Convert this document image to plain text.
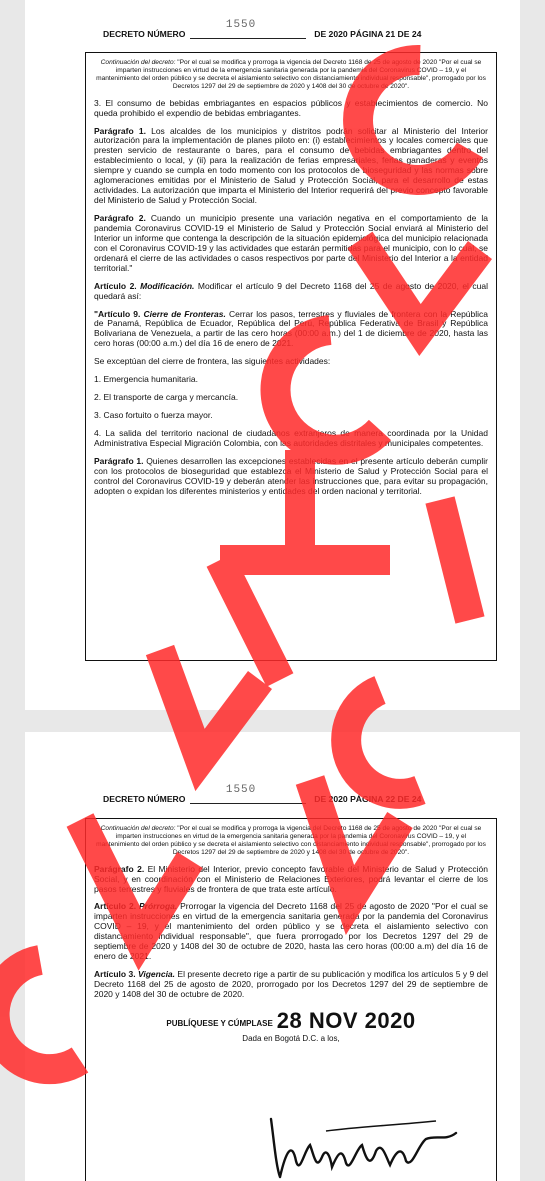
DECRETO NÚMERO
1550
DE 2020 PÁGINA 21 DE 24

Continuación del decreto: "Por el cual se modifica y prorroga la vigencia del Decreto 1168 de 25 de agosto de 2020 "Por el cual se imparten instrucciones en virtud de la emergencia sanitaria generada por la pandemia del Coronavirus COVID – 19, y el mantenimiento del orden público y se decreta el aislamiento selectivo con distanciamiento individual responsable", prorrogado por los Decretos 1297 del 29 de septiembre de 2020 y 1408 del 30 de octubre de 2020".

3. El consumo de bebidas embriagantes en espacios públicos y establecimientos de comercio. No queda prohibido el expendio de bebidas embriagantes.

Parágrafo 1. Los alcaldes de los municipios y distritos podrán solicitar al Ministerio del Interior autorización para la implementación de planes piloto en: (i) establecimientos y locales comerciales que presten servicio de restaurante o bares, para el consumo de bebidas embriagantes dentro del establecimiento o local, y (ii) para la realización de ferias empresariales, ferias ganaderas y eventos siempre y cuando se cumpla en todo momento con los protocolos de bioseguridad y las normas sobre aglomeraciones emitidas por el Ministerio de Salud y Protección Social, para el desarrollo de estas actividades. La autorización que imparta el Ministerio del Interior requerirá del previo concepto favorable del Ministerio de Salud y Protección Social.

Parágrafo 2. Cuando un municipio presente una variación negativa en el comportamiento de la pandemia Coronavirus COVID-19 el Ministerio de Salud y Protección Social enviará al Ministerio del Interior un informe que contenga la descripción de la situación epidemiológica del municipio relacionada con el Coronavirus COVID-19 y las actividades que estarán permitidas para el municipio, con lo cual, se ordenará el cierre de las actividades o casos respectivos por parte del Ministerio del Interior a la entidad territorial."

Artículo 2. Modificación. Modificar el artículo 9 del Decreto 1168 del 25 de agosto de 2020, el cual quedará así:

"Artículo 9. Cierre de Fronteras. Cerrar los pasos, terrestres y fluviales de frontera con la República de Panamá, República de Ecuador, República del Perú, República Federativa de Brasil y República Bolivariana de Venezuela, a partir de las cero horas (00:00 a.m.) del 1 de diciembre de 2020, hasta las cero horas (00:00 a.m.) del día 16 de enero de 2021.

Se exceptúan del cierre de frontera, las siguientes actividades:

1. Emergencia humanitaria.

2. El transporte de carga y mercancía.

3. Caso fortuito o fuerza mayor.

4. La salida del territorio nacional de ciudadanos extranjeros de manera coordinada por la Unidad Administrativa Especial Migración Colombia, con las autoridades distritales y municipales competentes.

Parágrafo 1. Quienes desarrollen las excepciones establecidas en el presente artículo deberán cumplir con los protocolos de bioseguridad que establezca el Ministerio de Salud y Protección Social para el control del Coronavirus COVID-19 y deberán atender las instrucciones que, para evitar su propagación, adopten o expidan los diferentes ministerios y entidades del orden nacional y territorial.

DECRETO NÚMERO
1550
DE 2020 PÁGINA 22 DE 24

Continuación del decreto: "Por el cual se modifica y prorroga la vigencia del Decreto 1168 de 25 de agosto de 2020 "Por el cual se imparten instrucciones en virtud de la emergencia sanitaria generada por la pandemia del Coronavirus COVID – 19, y el mantenimiento del orden público y se decreta el aislamiento selectivo con distanciamiento individual responsable", prorrogado por los Decretos 1297 del 29 de septiembre de 2020 y 1408 del 30 de octubre de 2020".

Parágrafo 2. El Ministerio del Interior, previo concepto favorable del Ministerio de Salud y Protección Social, y en coordinación con el Ministerio de Relaciones Exteriores, podrá levantar el cierre de los pasos terrestres y fluviales de frontera de que trata este artículo.

Artículo 2. Prórroga. Prorrogar la vigencia del Decreto 1168 del 25 de agosto de 2020 "Por el cual se imparten instrucciones en virtud de la emergencia sanitaria generada por la pandemia del Coronavirus COVID – 19, y el mantenimiento del orden público y se decreta el aislamiento selectivo con distanciamiento individual responsable", que fuera prorrogado por los Decretos 1297 del 29 de septiembre de 2020 y 1408 del 30 de octubre de 2020, hasta las cero horas (00:00 a.m) del día 16 de enero de 2021.

Artículo 3. Vigencia. El presente decreto rige a partir de su publicación y modifica los artículos 5 y 9 del Decreto 1168 del 25 de agosto de 2020, prorrogado por los Decretos 1297 del 29 de septiembre de 2020 y 1408 del 30 de octubre de 2020.

PUBLÍQUESE Y CÚMPLASE 28 NOV 2020
Dada en Bogotá D.C. a los,
